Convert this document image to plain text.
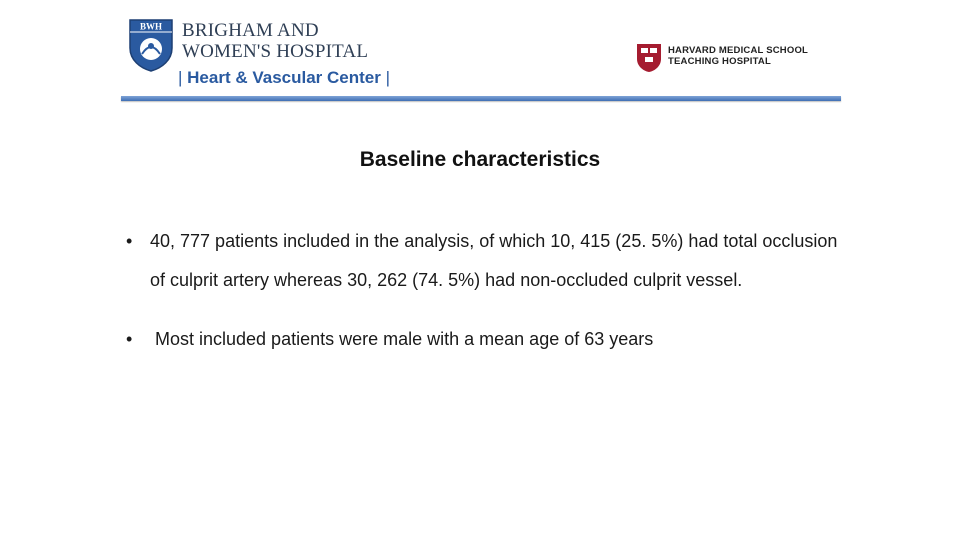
BWH BRIGHAM AND
WOMEN'S HOSPITAL
| Heart & Vascular Center |
HARVARD MEDICAL SCHOOL
TEACHING HOSPITAL
Baseline characteristics
• 40, 777 patients included in the analysis, of which 10, 415 (25. 5%) had total occlusion of culprit artery whereas 30, 262 (74. 5%) had non-occluded culprit vessel.
• Most included patients were male with a mean age of 63 years
